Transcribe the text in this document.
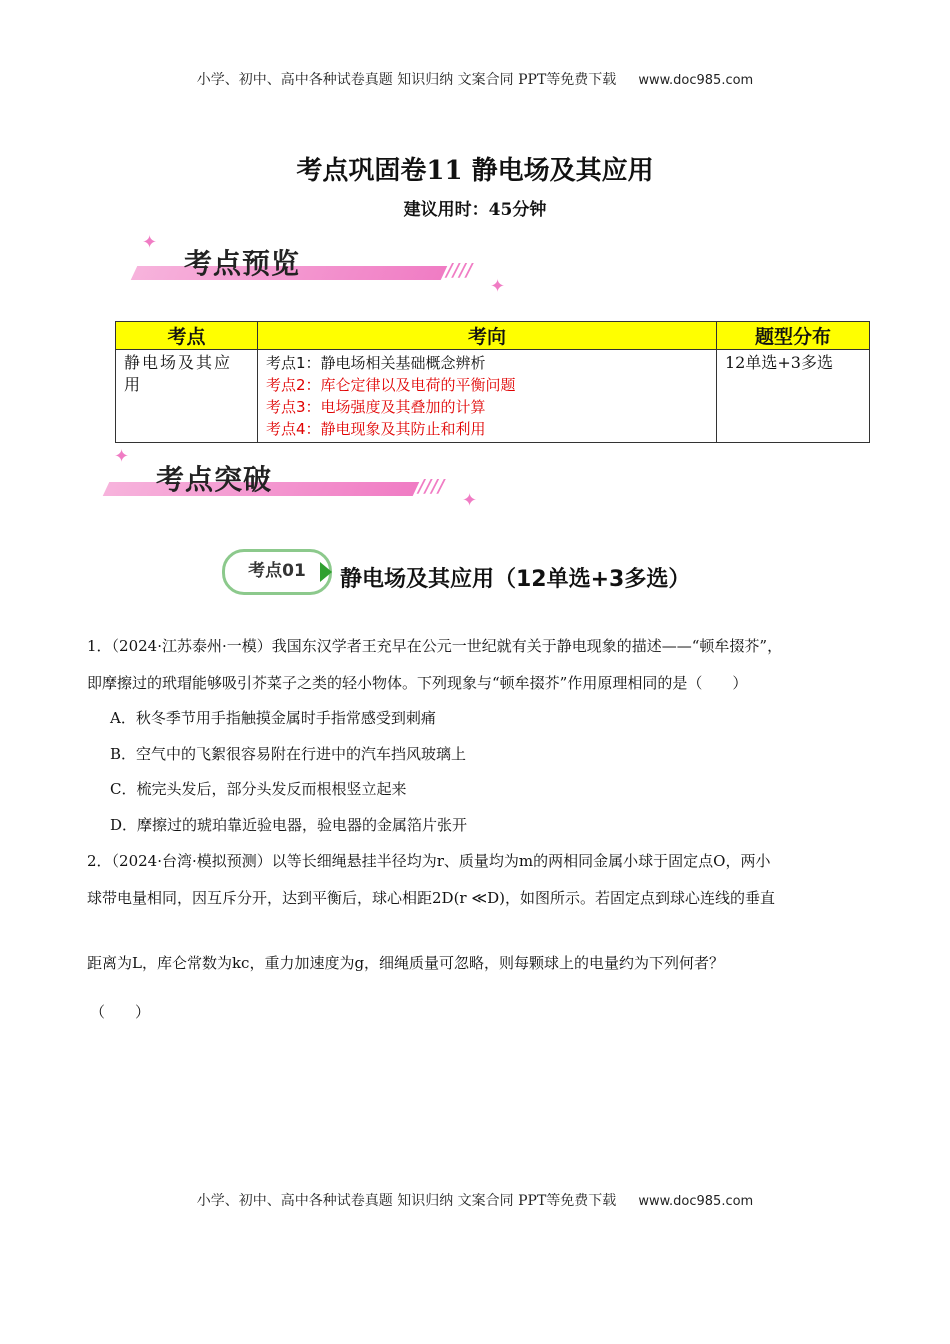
小学、初中、高中各种试卷真题 知识归纳 文案合同 PPT等免费下载 www.doc985.com
考点巩固卷11 静电场及其应用
建议用时：45分钟
✦
////
✦
考点预览
考点	考向	题型分布
静电场及其应用	考点1：静电场相关基础概念辨析
考点2：库仑定律以及电荷的平衡问题
考点3：电场强度及其叠加的计算
考点4：静电现象及其防止和利用	12单选+3多选
✦
////
✦
考点突破
考点01	静电场及其应用（12单选+3多选）
1．（2024·江苏泰州·一模）我国东汉学者王充早在公元一世纪就有关于静电现象的描述——“顿牟掇芥”，
即摩擦过的玳瑁能够吸引芥菜子之类的轻小物体。下列现象与“顿牟掇芥”作用原理相同的是（　　）
A．秋冬季节用手指触摸金属时手指常感受到刺痛
B．空气中的飞絮很容易附在行进中的汽车挡风玻璃上
C．梳完头发后，部分头发反而根根竖立起来
D．摩擦过的琥珀靠近验电器，验电器的金属箔片张开
2．（2024·台湾·模拟预测）以等长细绳悬挂半径均为r、质量均为m的两相同金属小球于固定点O，两小
球带电量相同，因互斥分开，达到平衡后，球心相距2D(r ≪D)，如图所示。若固定点到球心连线的垂直
距离为L，库仑常数为kc，重力加速度为g，细绳质量可忽略，则每颗球上的电量约为下列何者？
（　　）
小学、初中、高中各种试卷真题 知识归纳 文案合同 PPT等免费下载 www.doc985.com
